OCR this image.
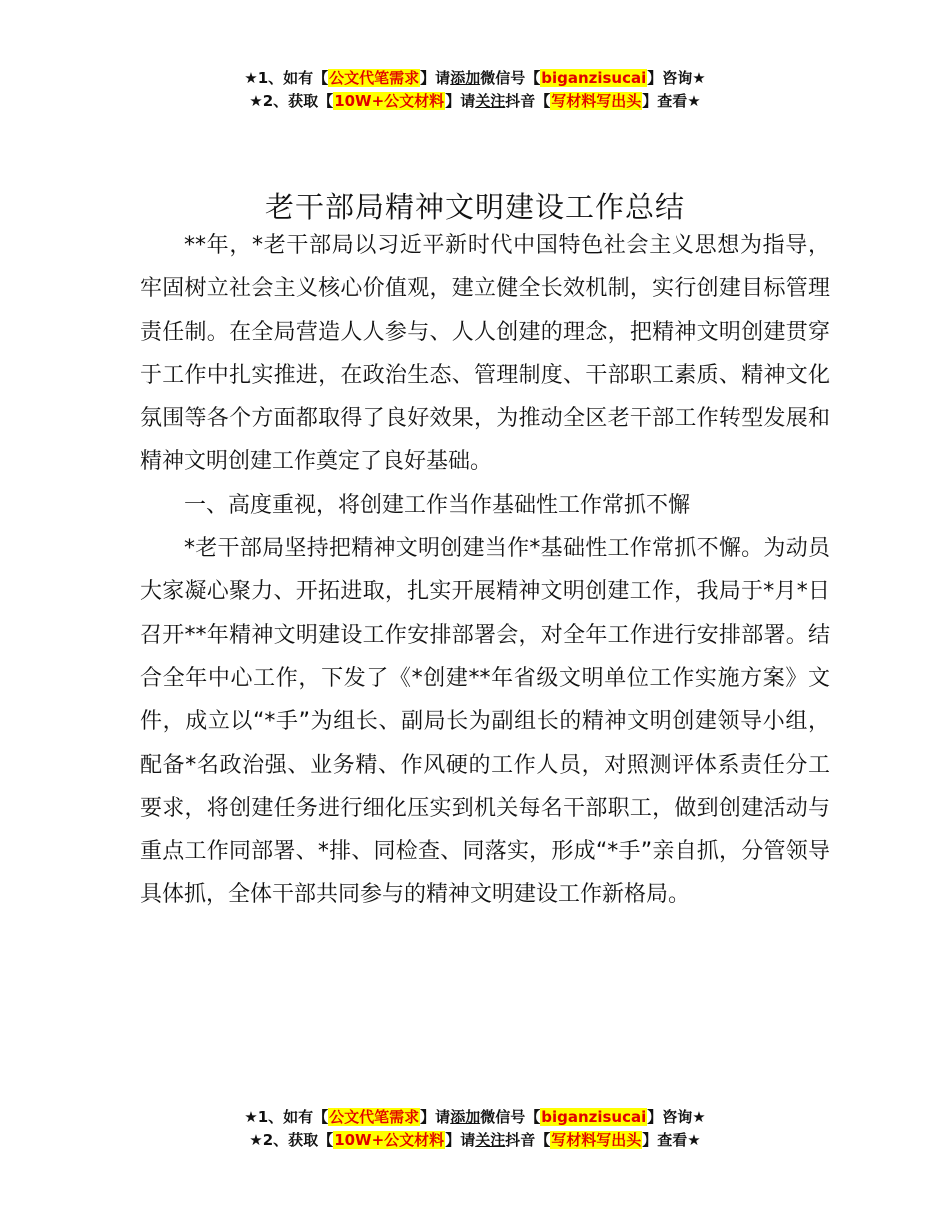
★1、如有【公文代笔需求】请添加微信号【biganzisucai】咨询★
★2、获取【10W+公文材料】请关注抖音【写材料写出头】查看★
老干部局精神文明建设工作总结

**年，*老干部局以习近平新时代中国特色社会主义思想为指导，牢固树立社会主义核心价值观，建立健全长效机制，实行创建目标管理责任制。在全局营造人人参与、人人创建的理念，把精神文明创建贯穿于工作中扎实推进，在政治生态、管理制度、干部职工素质、精神文化氛围等各个方面都取得了良好效果，为推动全区老干部工作转型发展和精神文明创建工作奠定了良好基础。

一、高度重视，将创建工作当作基础性工作常抓不懈

*老干部局坚持把精神文明创建当作*基础性工作常抓不懈。为动员大家凝心聚力、开拓进取，扎实开展精神文明创建工作，我局于*月*日召开**年精神文明建设工作安排部署会，对全年工作进行安排部署。结合全年中心工作，下发了《*创建**年省级文明单位工作实施方案》文件，成立以“*手”为组长、副局长为副组长的精神文明创建领导小组，配备*名政治强、业务精、作风硬的工作人员，对照测评体系责任分工要求，将创建任务进行细化压实到机关每名干部职工，做到创建活动与重点工作同部署、*排、同检查、同落实，形成“*手”亲自抓，分管领导具体抓，全体干部共同参与的精神文明建设工作新格局。

★1、如有【公文代笔需求】请添加微信号【biganzisucai】咨询★
★2、获取【10W+公文材料】请关注抖音【写材料写出头】查看★
